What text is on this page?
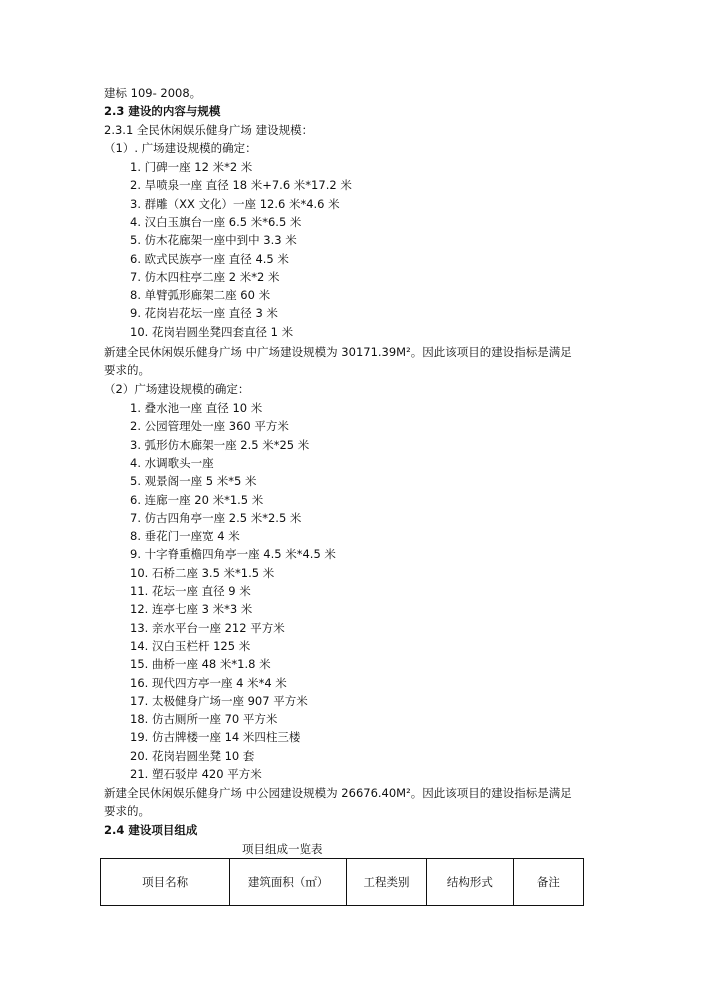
建标 109- 2008。
2.3 建设的内容与规模
2.3.1 全民休闲娱乐健身广场 建设规模：
（1）. 广场建设规模的确定：
1. 门碑一座 12 米*2 米
2. 旱喷泉一座 直径 18 米+7.6 米*17.2 米
3. 群雕（XX 文化）一座 12.6 米*4.6 米
4. 汉白玉旗台一座 6.5 米*6.5 米
5. 仿木花廊架一座中到中 3.3 米
6. 欧式民族亭一座 直径 4.5 米
7. 仿木四柱亭二座 2 米*2 米
8. 单臂弧形廊架二座 60 米
9. 花岗岩花坛一座 直径 3 米
10. 花岗岩圆坐凳四套直径 1 米
新建全民休闲娱乐健身广场 中广场建设规模为 30171.39M²。因此该项目的建设指标是满足
要求的。
（2）广场建设规模的确定：
1. 叠水池一座 直径 10 米
2. 公园管理处一座 360 平方米
3. 弧形仿木廊架一座 2.5 米*25 米
4. 水调歌头一座
5. 观景阁一座 5 米*5 米
6. 连廊一座 20 米*1.5 米
7. 仿古四角亭一座 2.5 米*2.5 米
8. 垂花门一座宽 4 米
9. 十字脊重檐四角亭一座 4.5 米*4.5 米
10. 石桥二座 3.5 米*1.5 米
11. 花坛一座 直径 9 米
12. 连亭七座 3 米*3 米
13. 亲水平台一座 212 平方米
14. 汉白玉栏杆 125 米
15. 曲桥一座 48 米*1.8 米
16. 现代四方亭一座 4 米*4 米
17. 太极健身广场一座 907 平方米
18. 仿古厕所一座 70 平方米
19. 仿古牌楼一座 14 米四柱三楼
20. 花岗岩圆坐凳 10 套
21. 塑石驳岸 420 平方米
新建全民休闲娱乐健身广场 中公园建设规模为 26676.40M²。因此该项目的建设指标是满足
要求的。
2.4 建设项目组成
项目组成一览表
项目名称	建筑面积（㎡）	工程类别	结构形式	备注
